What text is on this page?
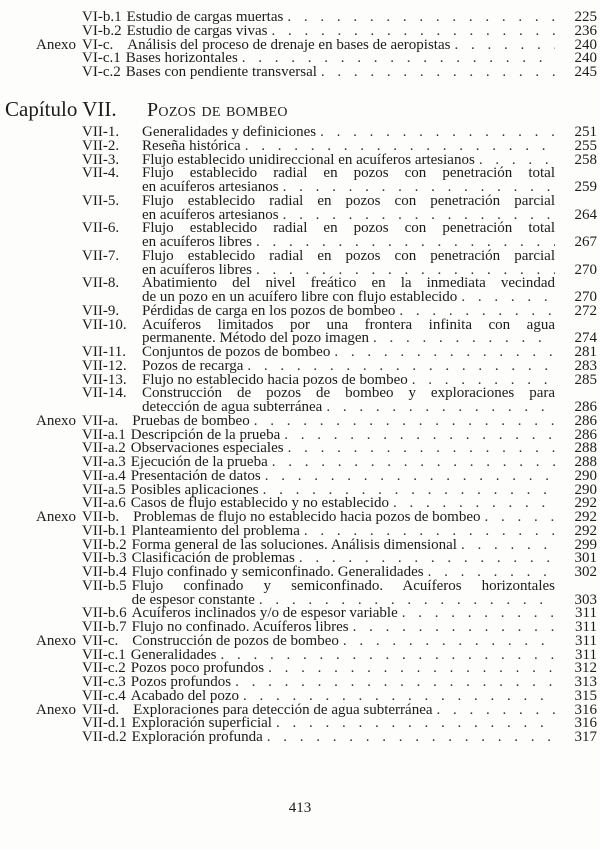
VI-b.1 Estudio de cargas muertas . . .	225
VI-b.2 Estudio de cargas vivas . . .	236
Anexo VI-c. Análisis del proceso de drenaje en bases de aeropistas . . .	240
VI-c.1 Bases horizontales . . .	240
VI-c.2 Bases con pendiente transversal . . .	245
Capítulo VII. Pozos de bombeo
VII-1.	Generalidades y definiciones . . .	251
VII-2.	Reseña histórica . . .	255
VII-3.	Flujo establecido unidireccional en acuíferos artesianos . . .	258
VII-4.	Flujo establecido radial en pozos con penetración total
en acuíferos artesianos . . .	259
VII-5.	Flujo establecido radial en pozos con penetración parcial
en acuíferos artesianos . . .	264
VII-6.	Flujo establecido radial en pozos con penetración total
en acuíferos libres . . .	267
VII-7.	Flujo establecido radial en pozos con penetración parcial
en acuíferos libres . . .	270
VII-8.	Abatimiento del nivel freático en la inmediata vecindad
de un pozo en un acuífero libre con flujo establecido . . .	270
VII-9.	Pérdidas de carga en los pozos de bombeo . . .	272
VII-10.	Acuíferos limitados por una frontera infinita con agua
permanente. Método del pozo imagen . . .	274
VII-11.	Conjuntos de pozos de bombeo . . .	281
VII-12.	Pozos de recarga . . .	283
VII-13.	Flujo no establecido hacia pozos de bombeo . . .	285
VII-14.	Construcción de pozos de bombeo y exploraciones para
detección de agua subterránea . . .	286
Anexo VII-a. Pruebas de bombeo . . .	286
VII-a.1 Descripción de la prueba . . .	286
VII-a.2 Observaciones especiales . . .	288
VII-a.3 Ejecución de la prueba . . .	288
VII-a.4 Presentación de datos . . .	290
VII-a.5 Posibles aplicaciones . . .	290
VII-a.6 Casos de flujo establecido y no establecido . . .	292
Anexo VII-b. Problemas de flujo no establecido hacia pozos de bombeo . . .	292
VII-b.1 Planteamiento del problema . . .	292
VII-b.2 Forma general de las soluciones. Análisis dimensional . . .	299
VII-b.3 Clasificación de problemas . . .	301
VII-b.4 Flujo confinado y semiconfinado. Generalidades . . .	302
VII-b.5 Flujo confinado y semiconfinado. Acuíferos horizontales
de espesor constante . . .	303
VII-b.6 Acuíferos inclinados y/o de espesor variable . . .	311
VII-b.7 Flujo no confinado. Acuíferos libres . . .	311
Anexo VII-c. Construcción de pozos de bombeo . . .	311
VII-c.1 Generalidades . . .	311
VII-c.2 Pozos poco profundos . . .	312
VII-c.3 Pozos profundos . . .	313
VII-c.4 Acabado del pozo . . .	315
Anexo VII-d. Exploraciones para detección de agua subterránea . . .	316
VII-d.1 Exploración superficial . . .	316
VII-d.2 Exploración profunda . . .	317
413
